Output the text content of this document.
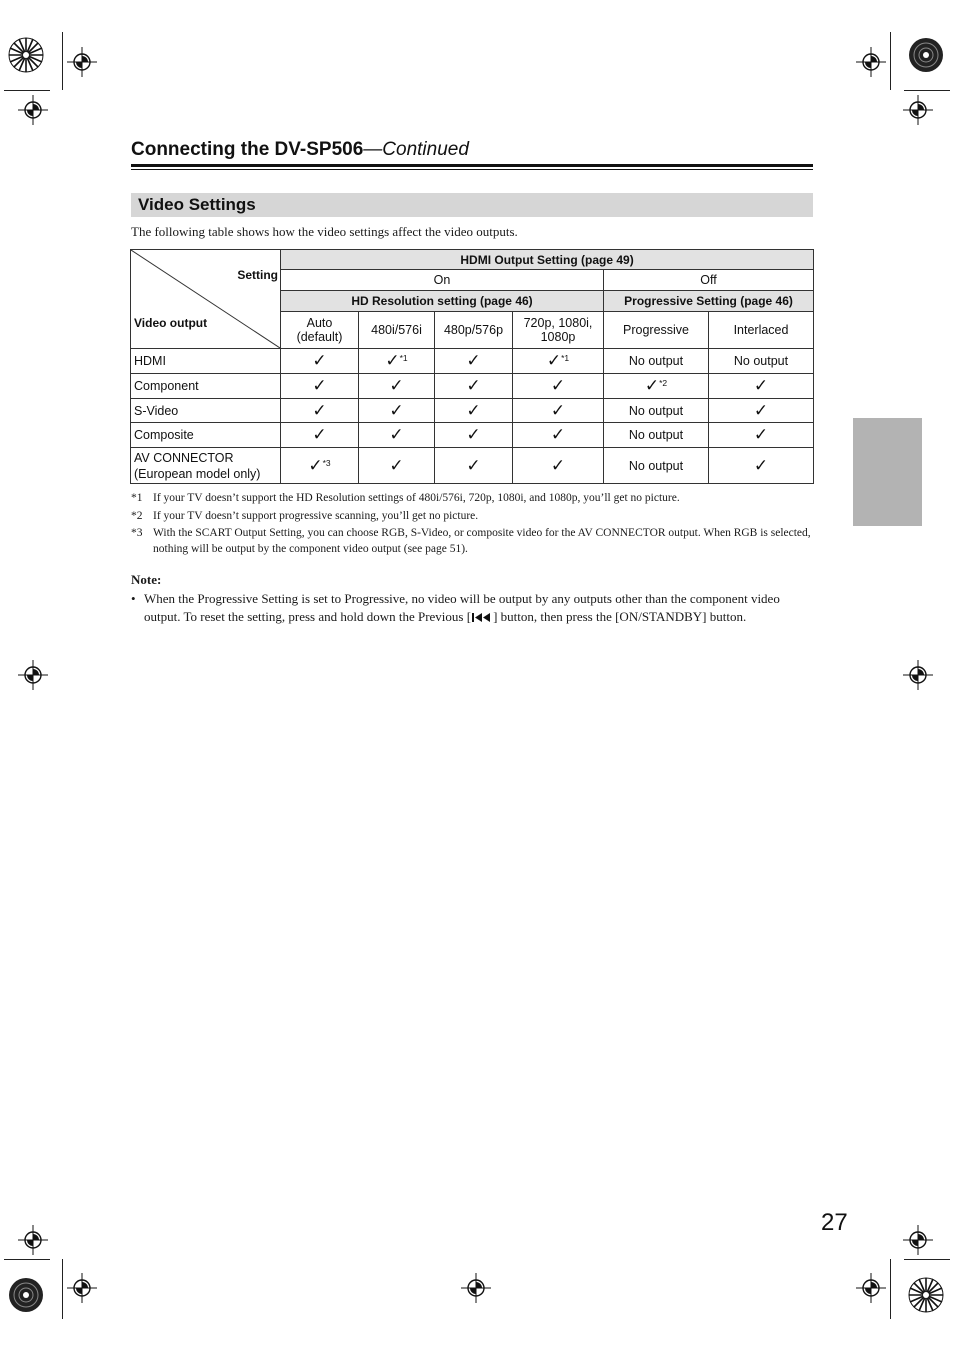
Connecting the DV-SP506—Continued
Video Settings
The following table shows how the video settings affect the video outputs.
Setting
Video output	HDMI Output Setting (page 49)					
	On				Off	
	HD Resolution setting (page 46)				Progressive Setting (page 46)	
	Auto (default)	480i/576i	480p/576p	720p, 1080i, 1080p	Progressive	Interlaced
HDMI	✓	✓$^{*1}$	✓	✓$^{*1}$	No output	No output
Component	✓	✓	✓	✓	✓$^{*2}$	✓
S-Video	✓	✓	✓	✓	No output	✓
Composite	✓	✓	✓	✓	No output	✓
AV CONNECTOR
(European model only)	✓$^{*3}$	✓	✓	✓	No output	✓
*1 If your TV doesn’t support the HD Resolution settings of 480i/576i, 720p, 1080i, and 1080p, you’ll get no picture.
*2 If your TV doesn’t support progressive scanning, you’ll get no picture.
*3 With the SCART Output Setting, you can choose RGB, S-Video, or composite video for the AV CONNECTOR output. When RGB is selected, nothing will be output by the component video output (see page 51).
Note:
• When the Progressive Setting is set to Progressive, no video will be output by any outputs other than the component video output. To reset the setting, press and hold down the Previous [ ] button, then press the [ON/STANDBY] button.
27
